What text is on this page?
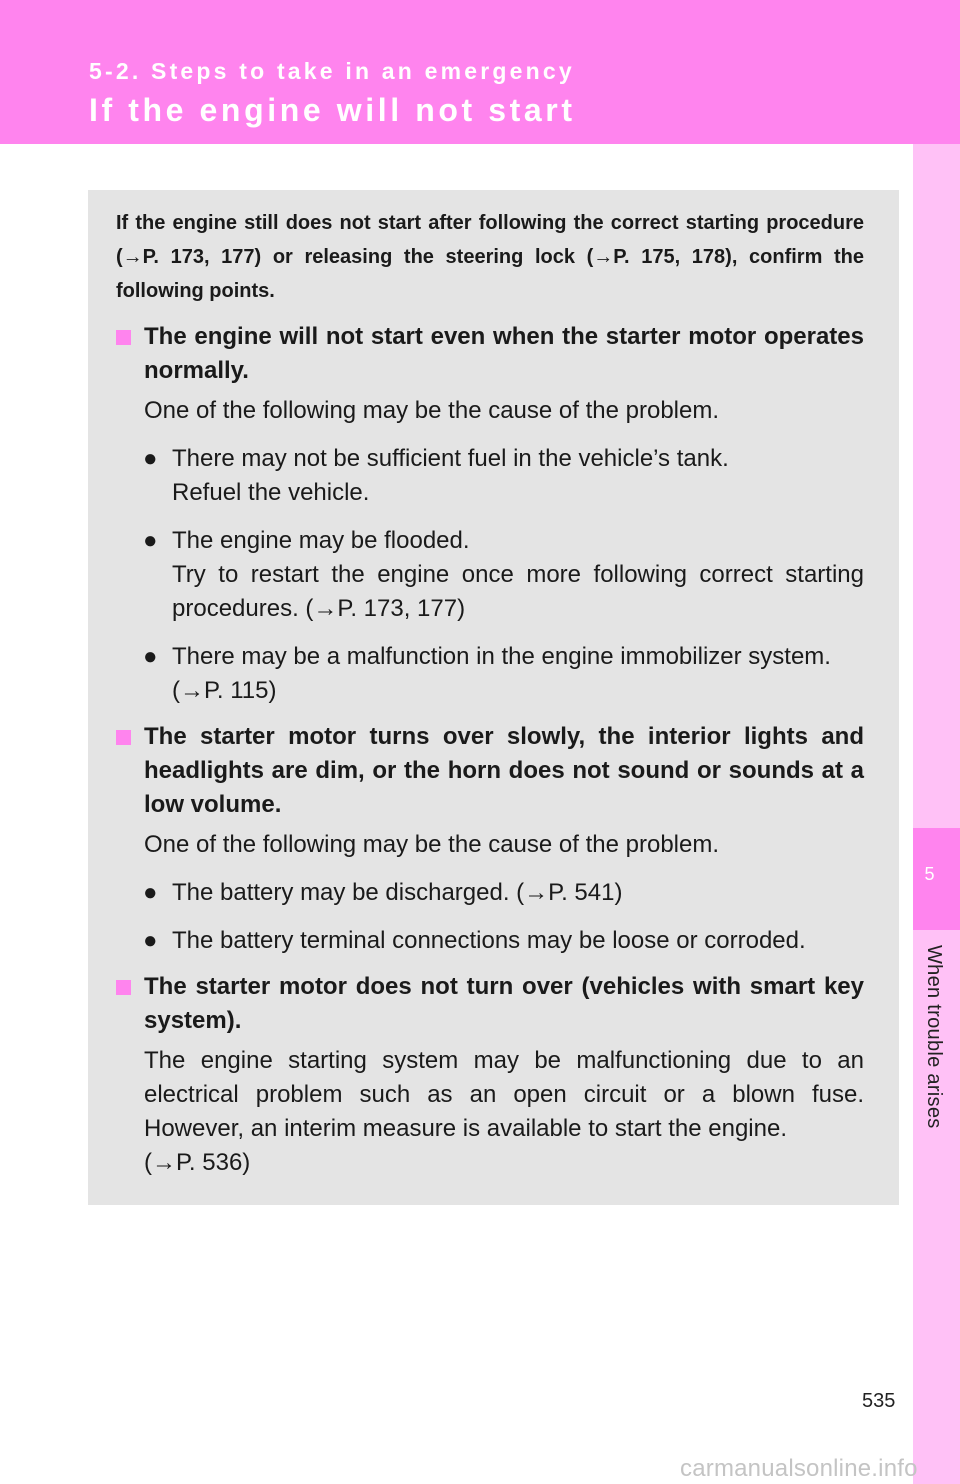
5-2. Steps to take in an emergency
If the engine will not start
5
When trouble arises

If the engine still does not start after following the correct starting procedure (→P. 173, 177) or releasing the steering lock (→P. 175, 178), confirm the following points.

The engine will not start even when the starter motor operates normally.

One of the following may be the cause of the problem.

● There may not be sufficient fuel in the vehicle’s tank.
Refuel the vehicle.
● The engine may be flooded.
Try to restart the engine once more following correct starting procedures. (→P. 173, 177)
● There may be a malfunction in the engine immobilizer system.
(→P. 115)
The starter motor turns over slowly, the interior lights and headlights are dim, or the horn does not sound or sounds at a low volume.

One of the following may be the cause of the problem.

● The battery may be discharged. (→P. 541)
● The battery terminal connections may be loose or corroded.
The starter motor does not turn over (vehicles with smart key system).

The engine starting system may be malfunctioning due to an electrical problem such as an open circuit or a blown fuse. However, an interim measure is available to start the engine.

(→P. 536)

535
carmanualsonline.info
